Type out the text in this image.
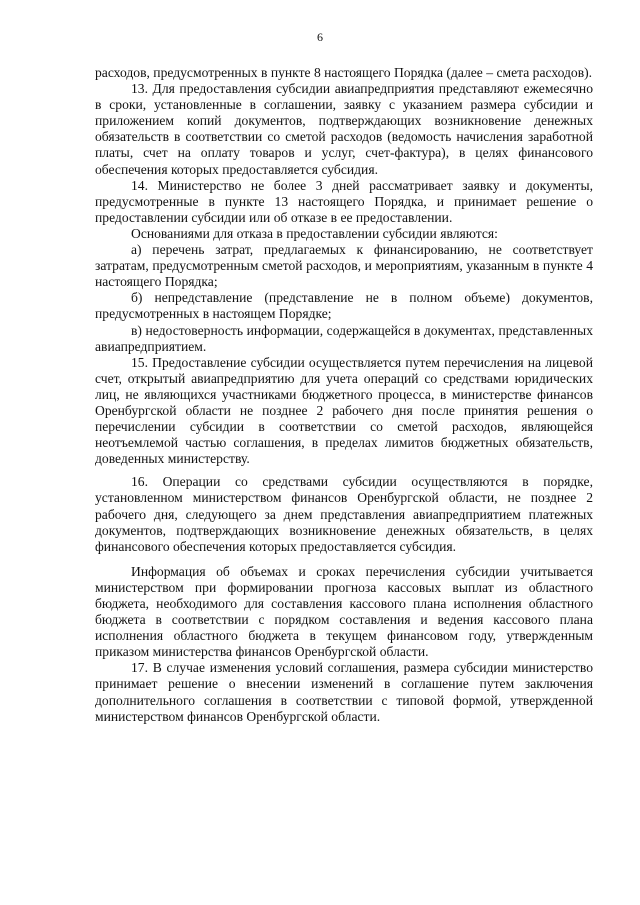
6

расходов, предусмотренных в пункте 8 настоящего Порядка (далее – смета расходов).

13. Для предоставления субсидии авиапредприятия представляют ежемесячно в сроки, установленные в соглашении, заявку с указанием размера субсидии и приложением копий документов, подтверждающих возникновение денежных обязательств в соответствии со сметой расходов (ведомость начисления заработной платы, счет на оплату товаров и услуг, счет-фактура), в целях финансового обеспечения которых предоставляется субсидия.

14. Министерство не более 3 дней рассматривает заявку и документы, предусмотренные в пункте 13 настоящего Порядка, и принимает решение о предоставлении субсидии или об отказе в ее предоставлении.

Основаниями для отказа в предоставлении субсидии являются:

а) перечень затрат, предлагаемых к финансированию, не соответствует затратам, предусмотренным сметой расходов, и мероприятиям, указанным в пункте 4 настоящего Порядка;

б) непредставление (представление не в полном объеме) документов, предусмотренных в настоящем Порядке;

в) недостоверность информации, содержащейся в документах, представленных авиапредприятием.

15. Предоставление субсидии осуществляется путем перечисления на лицевой счет, открытый авиапредприятию для учета операций со средствами юридических лиц, не являющихся участниками бюджетного процесса, в министерстве финансов Оренбургской области не позднее 2 рабочего дня после принятия решения о перечислении субсидии в соответствии со сметой расходов, являющейся неотъемлемой частью соглашения, в пределах лимитов бюджетных обязательств, доведенных министерству.

16. Операции со средствами субсидии осуществляются в порядке, установленном министерством финансов Оренбургской области, не позднее 2 рабочего дня, следующего за днем представления авиапредприятием платежных документов, подтверждающих возникновение денежных обязательств, в целях финансового обеспечения которых предоставляется субсидия.

Информация об объемах и сроках перечисления субсидии учитывается министерством при формировании прогноза кассовых выплат из областного бюджета, необходимого для составления кассового плана исполнения областного бюджета в соответствии с порядком составления и ведения кассового плана исполнения областного бюджета в текущем финансовом году, утвержденным приказом министерства финансов Оренбургской области.

17. В случае изменения условий соглашения, размера субсидии министерство принимает решение о внесении изменений в соглашение путем заключения дополнительного соглашения в соответствии с типовой формой, утвержденной министерством финансов Оренбургской области.
